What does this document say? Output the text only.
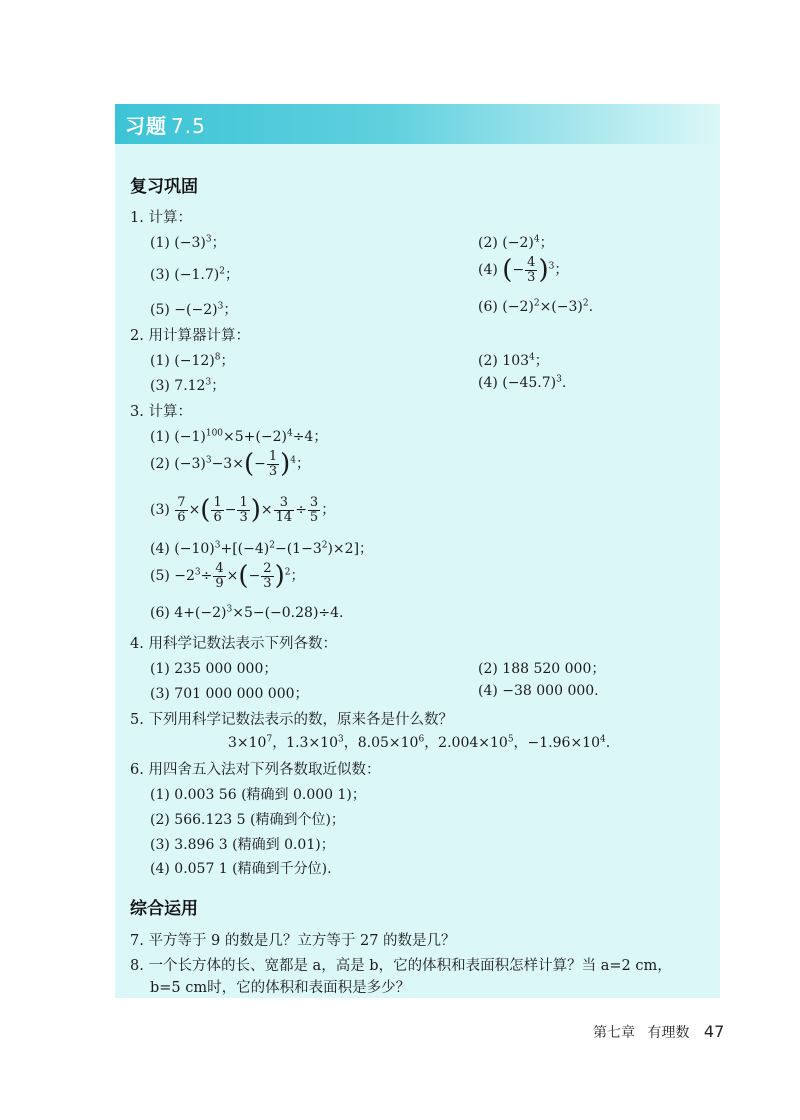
习题 7.5
复习巩固
1. 计算：
(1) $(-3)^3$；	(2) $(-2)^4$；
(3) $(-1.7)^2$；	(4) (− $\frac{4}{3} )^3$；
$(5) -(-2)^3$；	(6) $(-2)^2\times(-3)^2$.
2. 用计算器计算：
(1) $(-12)^8$；	(2) $103^4$；
(3) 7.12$^3$；	(4) $(-45.7)^3$.
3. 计算：
(1) $(-1)^{100}\times 5+(-2)^4\div 4$；
(2) $(-3)^3-3\times(- \frac{1}{3} )^4$；
$(3) \frac{7}{6}$ ×( $\frac{1}{6} - \frac{1}{3}$ )× $\frac{3}{14} \div \frac{3}{5}$ ；
(4) $(-10)^3+[(-4)^2-(1-3^2)\times 2]$；
$(5) -2^3\div \frac{4}{9}$ ×(− $\frac{2}{3} )^2$；
(6) $4+(-2)^3\times 5-(-0.28)\div 4$.
4. 用科学记数法表示下列各数：
(1) 235 000 000；	(2) 188 520 000；
(3) 701 000 000 000；	(4) −38 000 000.
5. 下列用科学记数法表示的数，原来各是什么数？
$3\times 10^7$，$1.3\times 10^3$，$8.05\times 10^6$，$2.004\times 10^5$，$-1.96\times 10^4$.
6. 用四舍五入法对下列各数取近似数：
(1) 0.003 56 (精确到 0.000 1)；
(2) 566.123 5 (精确到个位)；
(3) 3.896 3 (精确到 0.01)；
(4) 0.057 1 (精确到千分位).
综合运用
7. 平方等于 9 的数是几？立方等于 27 的数是几？
8. 一个长方体的长、宽都是 a，高是 b，它的体积和表面积怎样计算？当 a=2 cm，
b=5 cm时，它的体积和表面积是多少？
第七章 有理数 47
